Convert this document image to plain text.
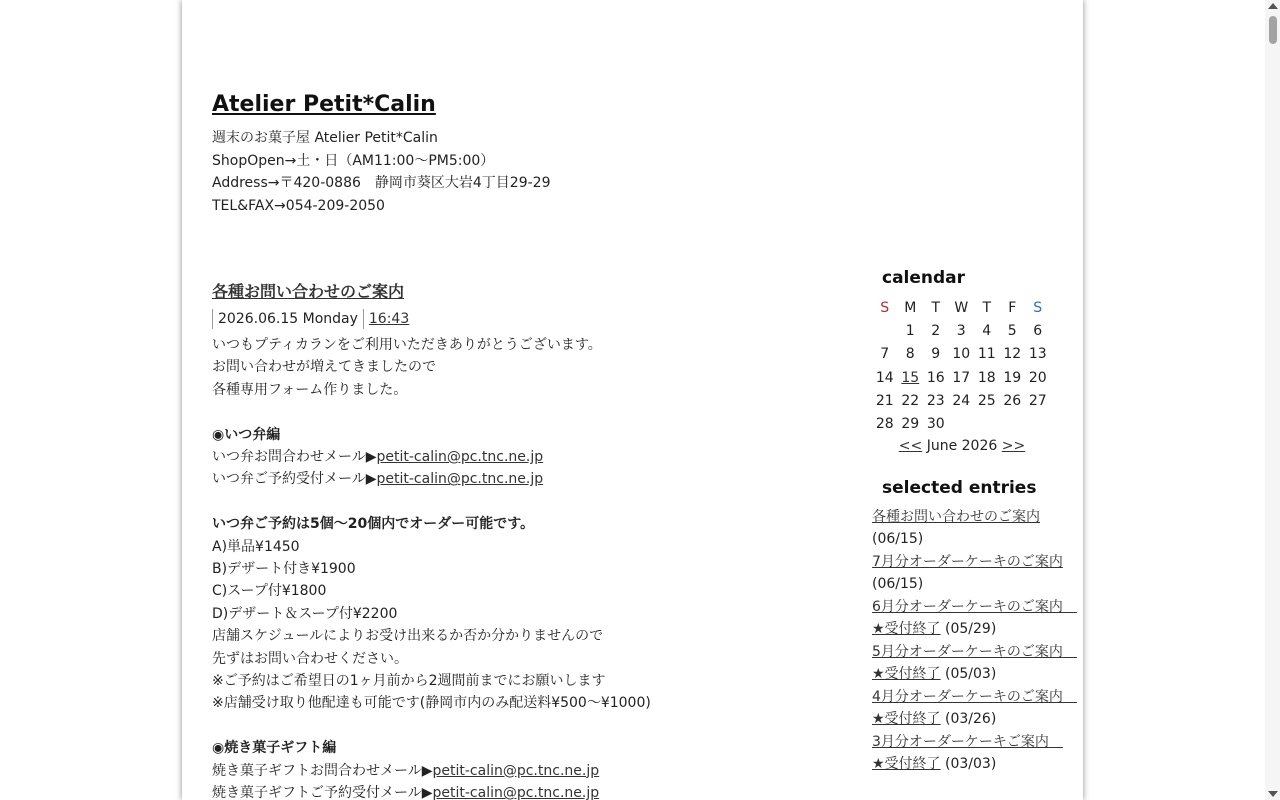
Atelier Petit*Calin
週末のお菓子屋 Atelier Petit*Calin
ShopOpen→土・日（AM11:00〜PM5:00）
Address→〒420-0886　静岡市葵区大岩4丁目29-29
TEL&FAX→054-209-2050
各種お問い合わせのご案内
2026.06.15 Monday 16:43
いつもプティカランをご利用いただきありがとうございます。
お問い合わせが増えてきましたので
各種専用フォーム作りました。
◉いつ弁編
いつ弁お問合わせメール▶petit-calin@pc.tnc.ne.jp
いつ弁ご予約受付メール▶petit-calin@pc.tnc.ne.jp
いつ弁ご予約は5個〜20個内でオーダー可能です。
A)単品¥1450
B)デザート付き¥1900
C)スープ付¥1800
D)デザート＆スープ付¥2200
店舗スケジュールによりお受け出来るか否か分かりませんので
先ずはお問い合わせください。
※ご予約はご希望日の1ヶ月前から2週間前までにお願いします
※店舗受け取り他配達も可能です(静岡市内のみ配送料¥500〜¥1000)
◉焼き菓子ギフト編
焼き菓子ギフトお問合わせメール▶petit-calin@pc.tnc.ne.jp
焼き菓子ギフトご予約受付メール▶petit-calin@pc.tnc.ne.jp
calendar
S	M	T	W	T	F	S
	1	2	3	4	5	6
7	8	9	10	11	12	13
14	15	16	17	18	19	20
21	22	23	24	25	26	27
28	29	30				
<< June 2026 >>
selected entries
各種お問い合わせのご案内 (06/15)
7月分オーダーケーキのご案内 (06/15)
6月分オーダーケーキのご案内　★受付終了 (05/29)
5月分オーダーケーキのご案内　★受付終了 (05/03)
4月分オーダーケーキのご案内　★受付終了 (03/26)
3月分オーダーケーキご案内　★受付終了 (03/03)
